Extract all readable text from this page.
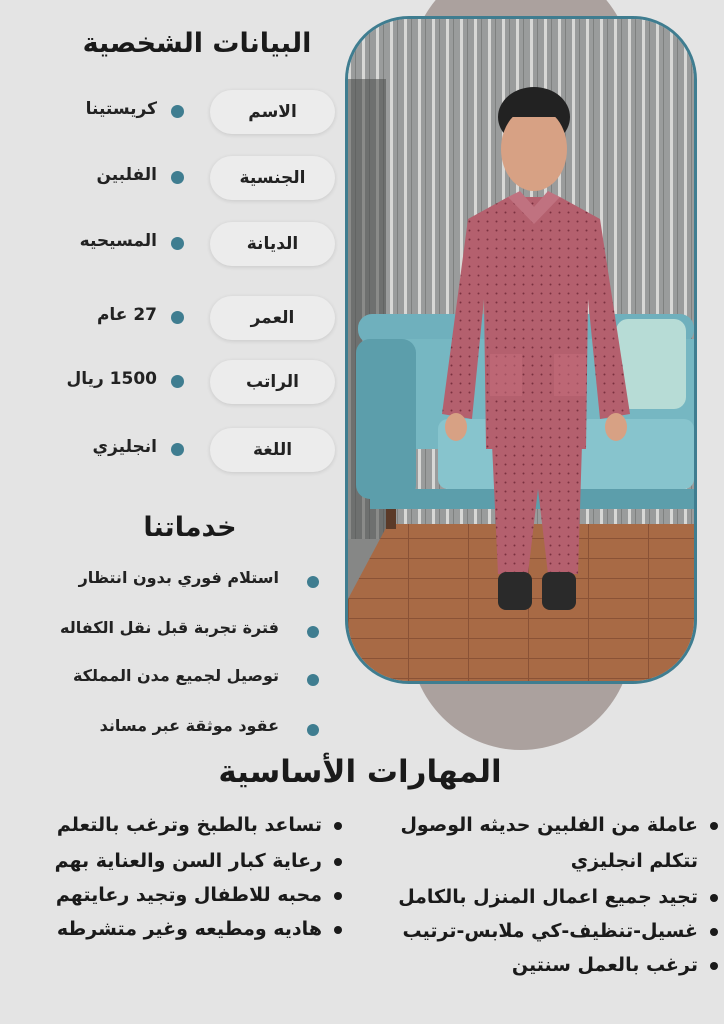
البيانات الشخصية
الاسم
كريستينا
الجنسية
الفلبين
الديانة
المسيحيه
العمر
27 عام
الراتب
1500 ريال
اللغة
انجليزي
خدماتنا
استلام فوري بدون انتظار
فترة تجربة قبل نقل الكفاله
توصيل لجميع مدن المملكة
عقود موثقة عبر مساند
المهارات الأساسية
عاملة من الفلبين حديثه الوصول
تتكلم انجليزي
تجيد جميع اعمال المنزل بالكامل
غسيل-تنظيف-كي ملابس-ترتيب
ترغب بالعمل سنتين
تساعد بالطبخ وترغب بالتعلم
رعاية كبار السن والعناية بهم
محبه للاطفال وتجيد رعايتهم
هاديه ومطيعه وغير متشرطه
